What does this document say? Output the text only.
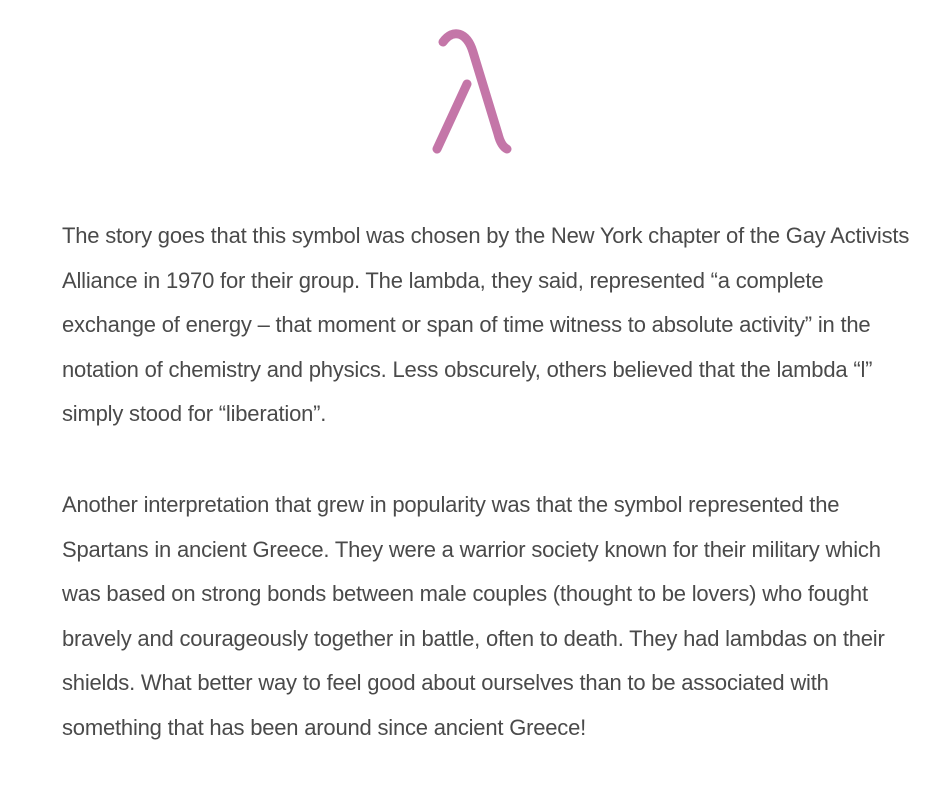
The story goes that this symbol was chosen by the New York chapter of the Gay Activists Alliance in 1970 for their group. The lambda, they said, represented “a complete exchange of energy – that moment or span of time witness to absolute activity” in the notation of chemistry and physics. Less obscurely, others believed that the lambda “l” simply stood for “liberation”.

Another interpretation that grew in popularity was that the symbol represented the Spartans in ancient Greece. They were a warrior society known for their military which was based on strong bonds between male couples (thought to be lovers) who fought bravely and courageously together in battle, often to death. They had lambdas on their shields. What better way to feel good about ourselves than to be associated with something that has been around since ancient Greece!
